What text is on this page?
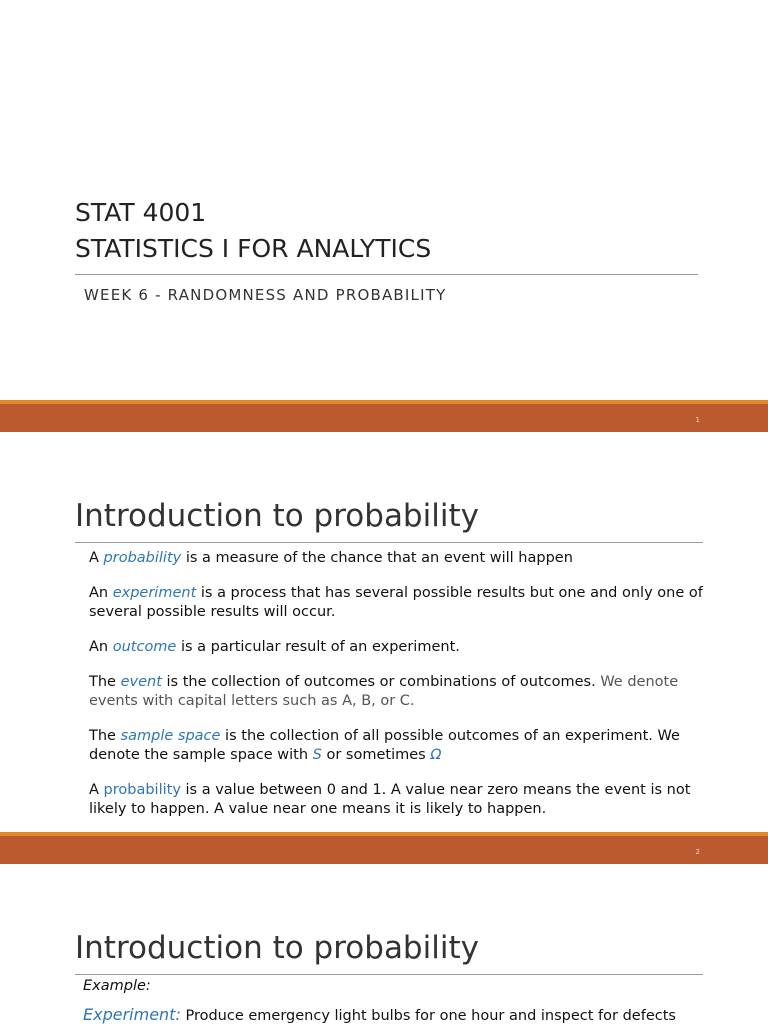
STAT 4001
STATISTICS I FOR ANALYTICS
WEEK 6 - RANDOMNESS AND PROBABILITY
1
Introduction to probability

A probability is a measure of the chance that an event will happen

An experiment is a process that has several possible results but one and only one of several possible results will occur.

An outcome is a particular result of an experiment.

The event is the collection of outcomes or combinations of outcomes. We denote events with capital letters such as A, B, or C.

The sample space is the collection of all possible outcomes of an experiment. We denote the sample space with S or sometimes Ω

A probability is a value between 0 and 1. A value near zero means the event is not likely to happen. A value near one means it is likely to happen.

2
Introduction to probability
Example:
Experiment: Produce emergency light bulbs for one hour and inspect for defects
